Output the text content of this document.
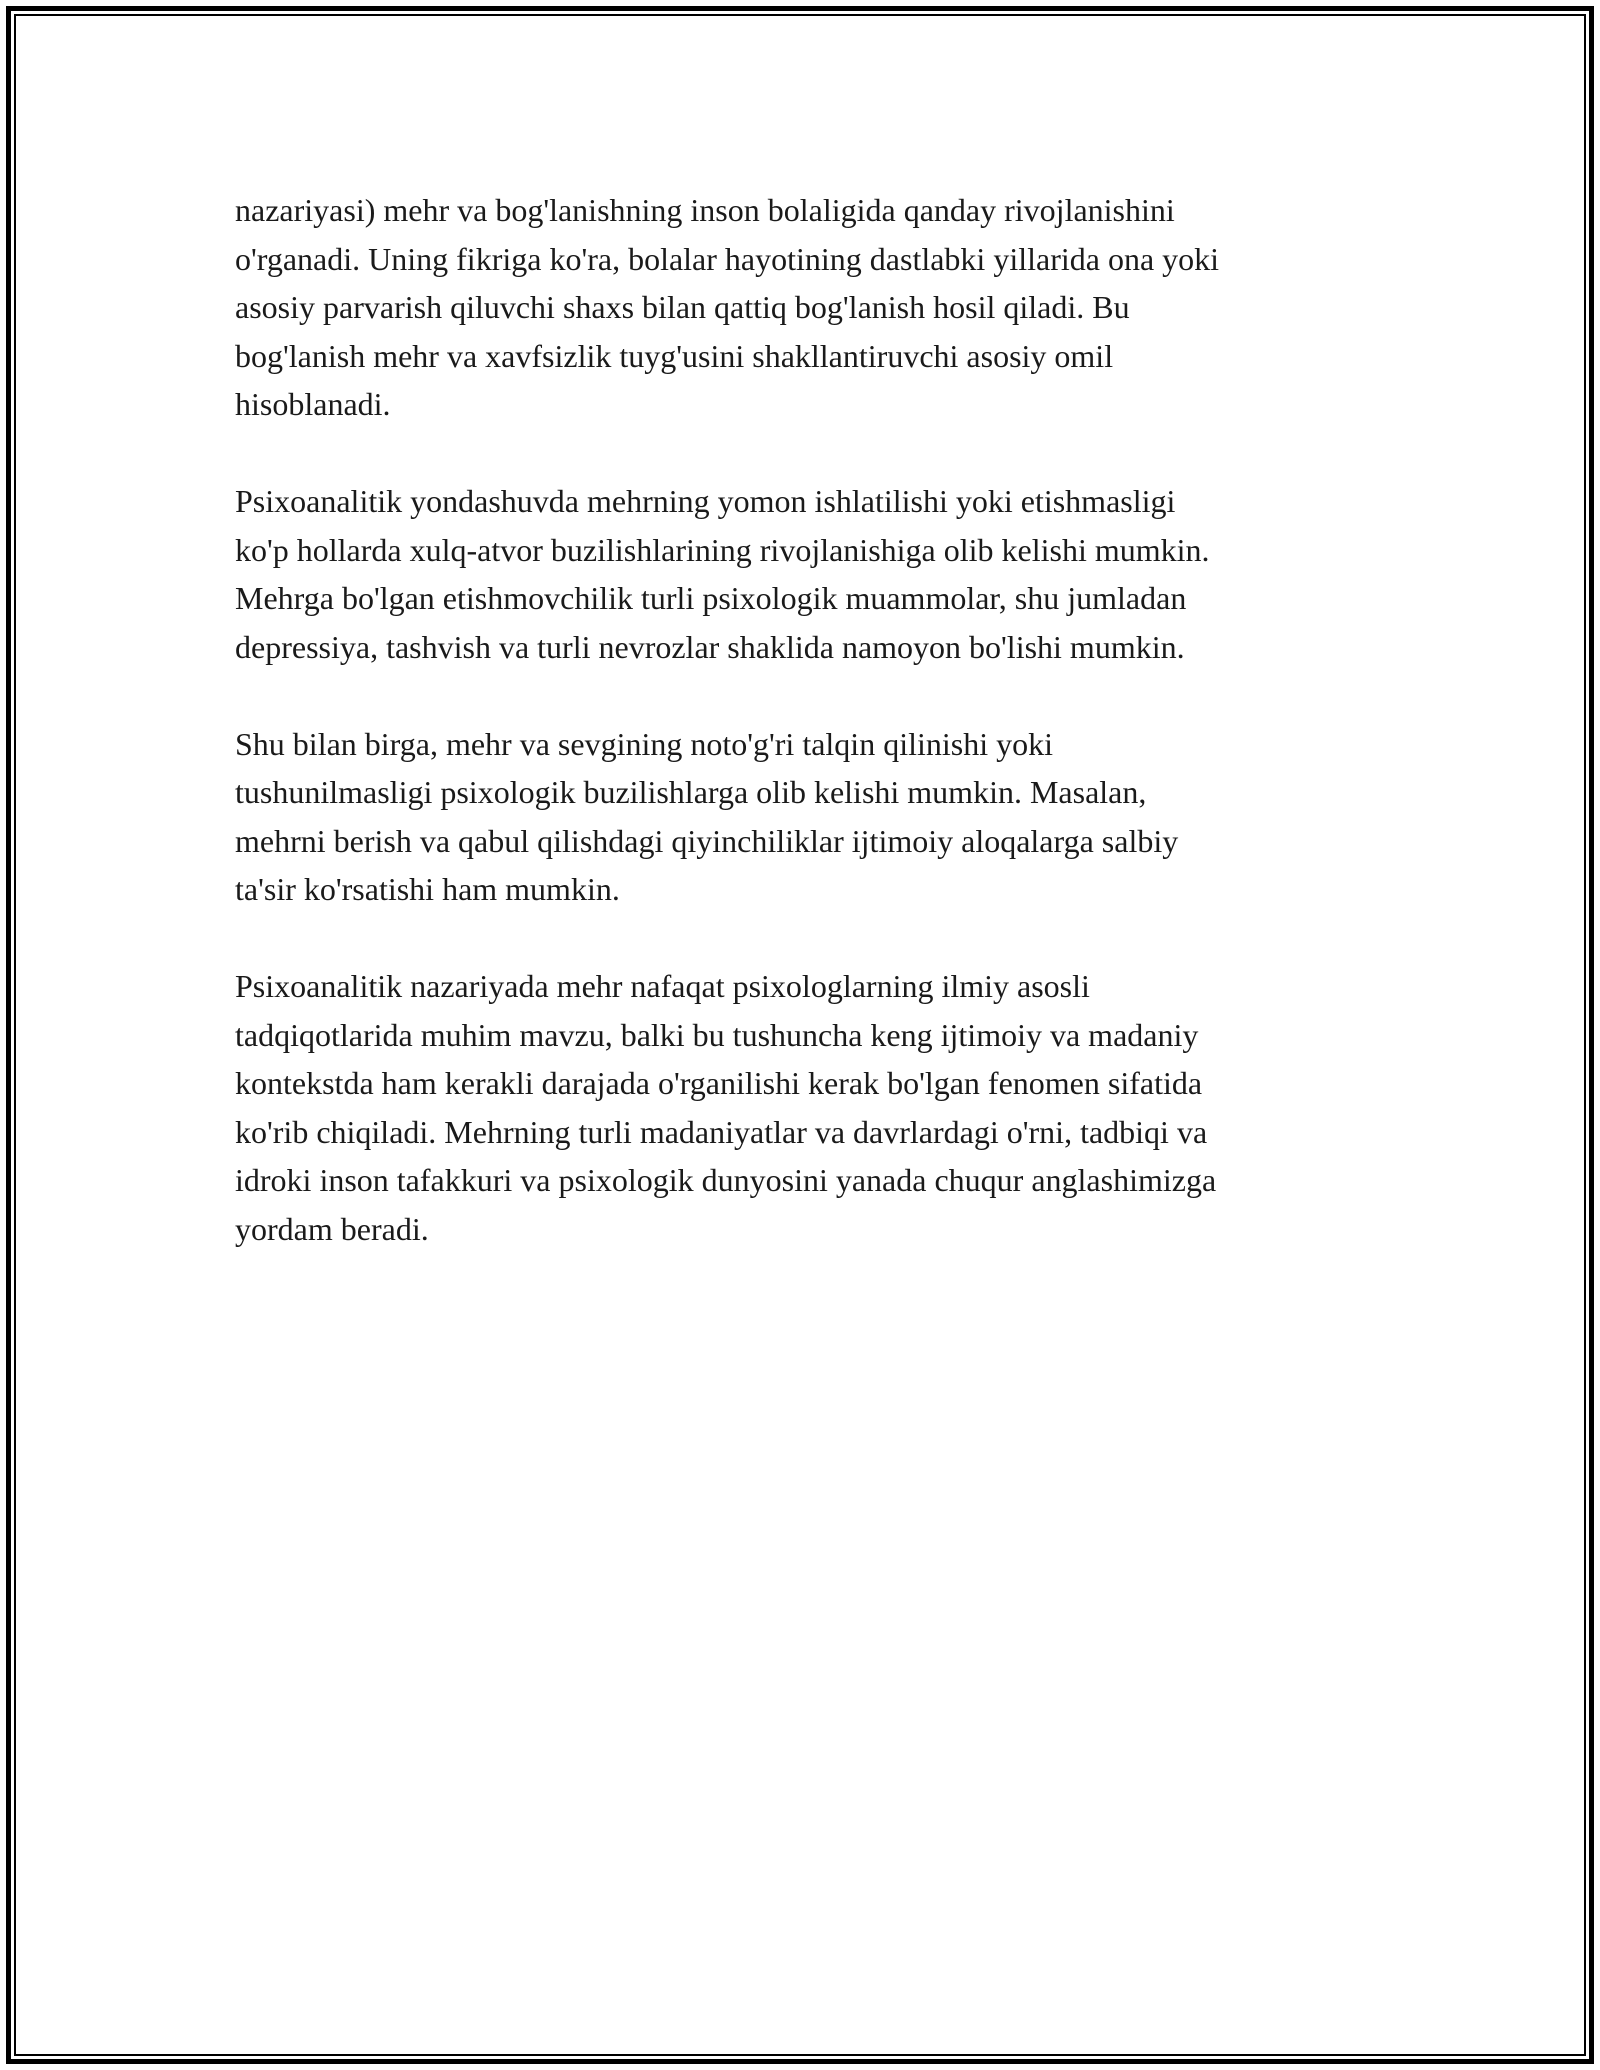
nazariyasi) mehr va bog'lanishning inson bolaligida qanday rivojlanishini
o'rganadi. Uning fikriga ko'ra, bolalar hayotining dastlabki yillarida ona yoki
asosiy parvarish qiluvchi shaxs bilan qattiq bog'lanish hosil qiladi. Bu
bog'lanish mehr va xavfsizlik tuyg'usini shakllantiruvchi asosiy omil
hisoblanadi.

Psixoanalitik yondashuvda mehrning yomon ishlatilishi yoki etishmasligi
ko'p hollarda xulq-atvor buzilishlarining rivojlanishiga olib kelishi mumkin.
Mehrga bo'lgan etishmovchilik turli psixologik muammolar, shu jumladan
depressiya, tashvish va turli nevrozlar shaklida namoyon bo'lishi mumkin.

Shu bilan birga, mehr va sevgining noto'g'ri talqin qilinishi yoki
tushunilmasligi psixologik buzilishlarga olib kelishi mumkin. Masalan,
mehrni berish va qabul qilishdagi qiyinchiliklar ijtimoiy aloqalarga salbiy
ta'sir ko'rsatishi ham mumkin.

Psixoanalitik nazariyada mehr nafaqat psixologlarning ilmiy asosli
tadqiqotlarida muhim mavzu, balki bu tushuncha keng ijtimoiy va madaniy
kontekstda ham kerakli darajada o'rganilishi kerak bo'lgan fenomen sifatida
ko'rib chiqiladi. Mehrning turli madaniyatlar va davrlardagi o'rni, tadbiqi va
idroki inson tafakkuri va psixologik dunyosini yanada chuqur anglashimizga
yordam beradi.
